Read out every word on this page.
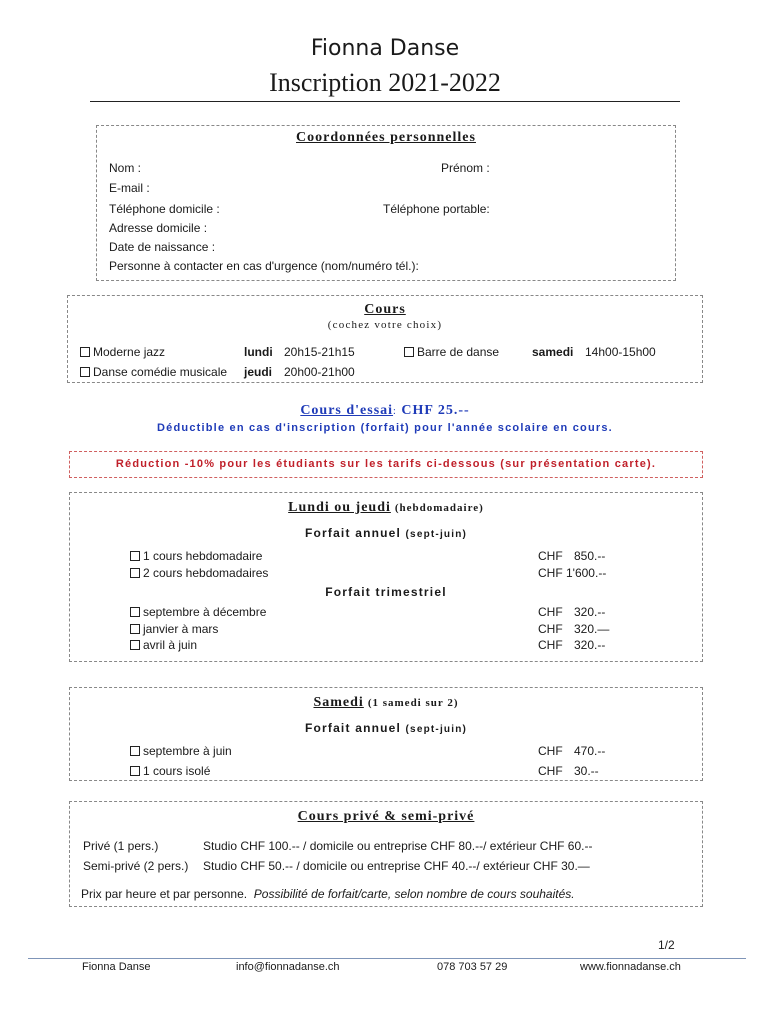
Fionna Danse
Inscription 2021-2022
Coordonnées personnelles
Nom :	Prénom :
E-mail :
Téléphone domicile :	Téléphone portable:
Adresse domicile :
Date de naissance :
Personne à contacter en cas d'urgence (nom/numéro tél.):
Cours
(cochez votre choix)
Moderne jazz	lundi 20h15-21h15	Barre de danse	samedi 14h00-15h00
Danse comédie musicale jeudi 20h00-21h00
Cours d'essai: CHF 25.--
Déductible en cas d'inscription (forfait) pour l'année scolaire en cours.
Réduction -10% pour les étudiants sur les tarifs ci-dessous (sur présentation carte).
Lundi ou jeudi (hebdomadaire)
Forfait annuel (sept-juin)
1 cours hebdomadaire	CHF 850.--
2 cours hebdomadaires	CHF 1'600.--
Forfait trimestriel
septembre à décembre	CHF 320.--
janvier à mars	CHF 320.—
avril à juin	CHF 320.--
Samedi (1 samedi sur 2)
Forfait annuel (sept-juin)
septembre à juin	CHF 470.--
1 cours isolé	CHF 30.--
Cours privé & semi-privé
Privé (1 pers.)	Studio CHF 100.-- / domicile ou entreprise CHF 80.--/ extérieur CHF 60.--
Semi-privé (2 pers.) Studio CHF 50.-- / domicile ou entreprise CHF 40.--/ extérieur CHF 30.—
Prix par heure et par personne. Possibilité de forfait/carte, selon nombre de cours souhaités.
1/2
Fionna Danse	info@fionnadanse.ch	078 703 57 29	www.fionnadanse.ch
